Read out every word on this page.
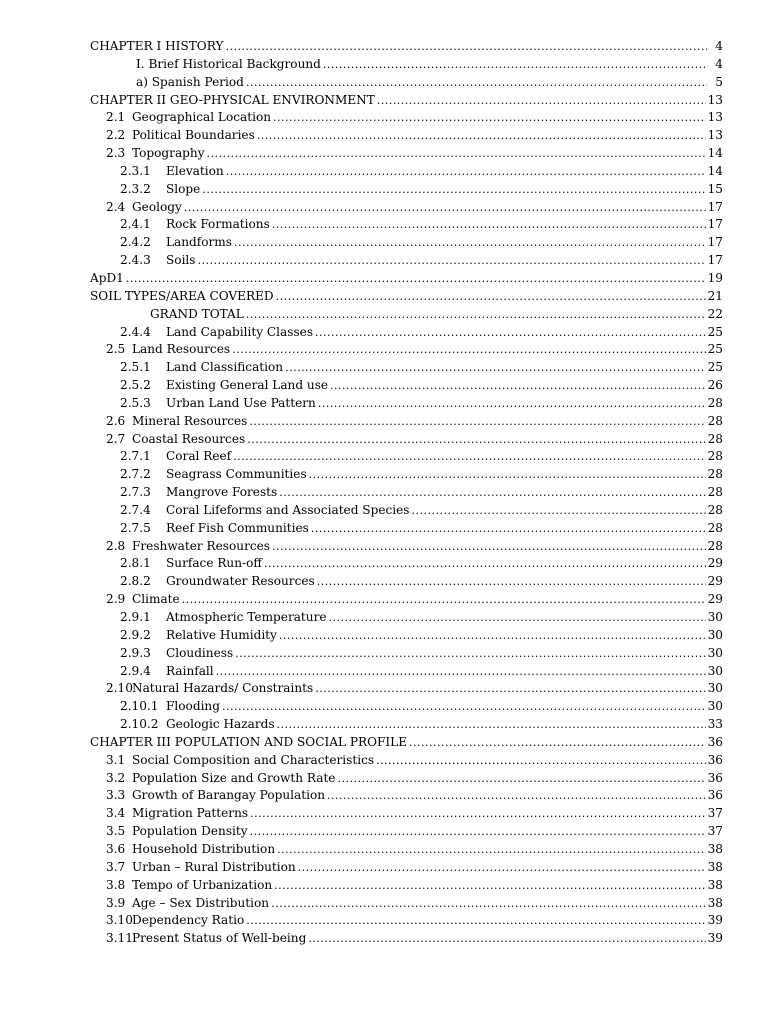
CHAPTER I HISTORY .....	4
I. Brief Historical Background .....	4
a) Spanish Period .....	5
CHAPTER II GEO-PHYSICAL ENVIRONMENT .....	13
2.1 Geographical Location .....	13
2.2 Political Boundaries .....	13
2.3 Topography .....	14
2.3.1 Elevation .....	14
2.3.2 Slope .....	15
2.4 Geology .....	17
2.4.1 Rock Formations .....	17
2.4.2 Landforms .....	17
2.4.3 Soils .....	17
ApD1 .....	19
SOIL TYPES/AREA COVERED .....	21
GRAND TOTAL .....	22
2.4.4 Land Capability Classes .....	25
2.5 Land Resources .....	25
2.5.1 Land Classification .....	25
2.5.2 Existing General Land use .....	26
2.5.3 Urban Land Use Pattern .....	28
2.6 Mineral Resources .....	28
2.7 Coastal Resources .....	28
2.7.1 Coral Reef .....	28
2.7.2 Seagrass Communities .....	28
2.7.3 Mangrove Forests .....	28
2.7.4 Coral Lifeforms and Associated Species .....	28
2.7.5 Reef Fish Communities .....	28
2.8 Freshwater Resources .....	28
2.8.1 Surface Run-off .....	29
2.8.2 Groundwater Resources .....	29
2.9 Climate .....	29
2.9.1 Atmospheric Temperature .....	30
2.9.2 Relative Humidity .....	30
2.9.3 Cloudiness .....	30
2.9.4 Rainfall .....	30
2.10Natural Hazards/ Constraints .....	30
2.10.1 Flooding .....	30
2.10.2 Geologic Hazards .....	33
CHAPTER III POPULATION AND SOCIAL PROFILE .....	36
3.1 Social Composition and Characteristics .....	36
3.2 Population Size and Growth Rate .....	36
3.3 Growth of Barangay Population .....	36
3.4 Migration Patterns .....	37
3.5 Population Density .....	37
3.6 Household Distribution .....	38
3.7 Urban – Rural Distribution .....	38
3.8 Tempo of Urbanization .....	38
3.9 Age – Sex Distribution .....	38
3.10Dependency Ratio .....	39
3.11Present Status of Well-being .....	39
